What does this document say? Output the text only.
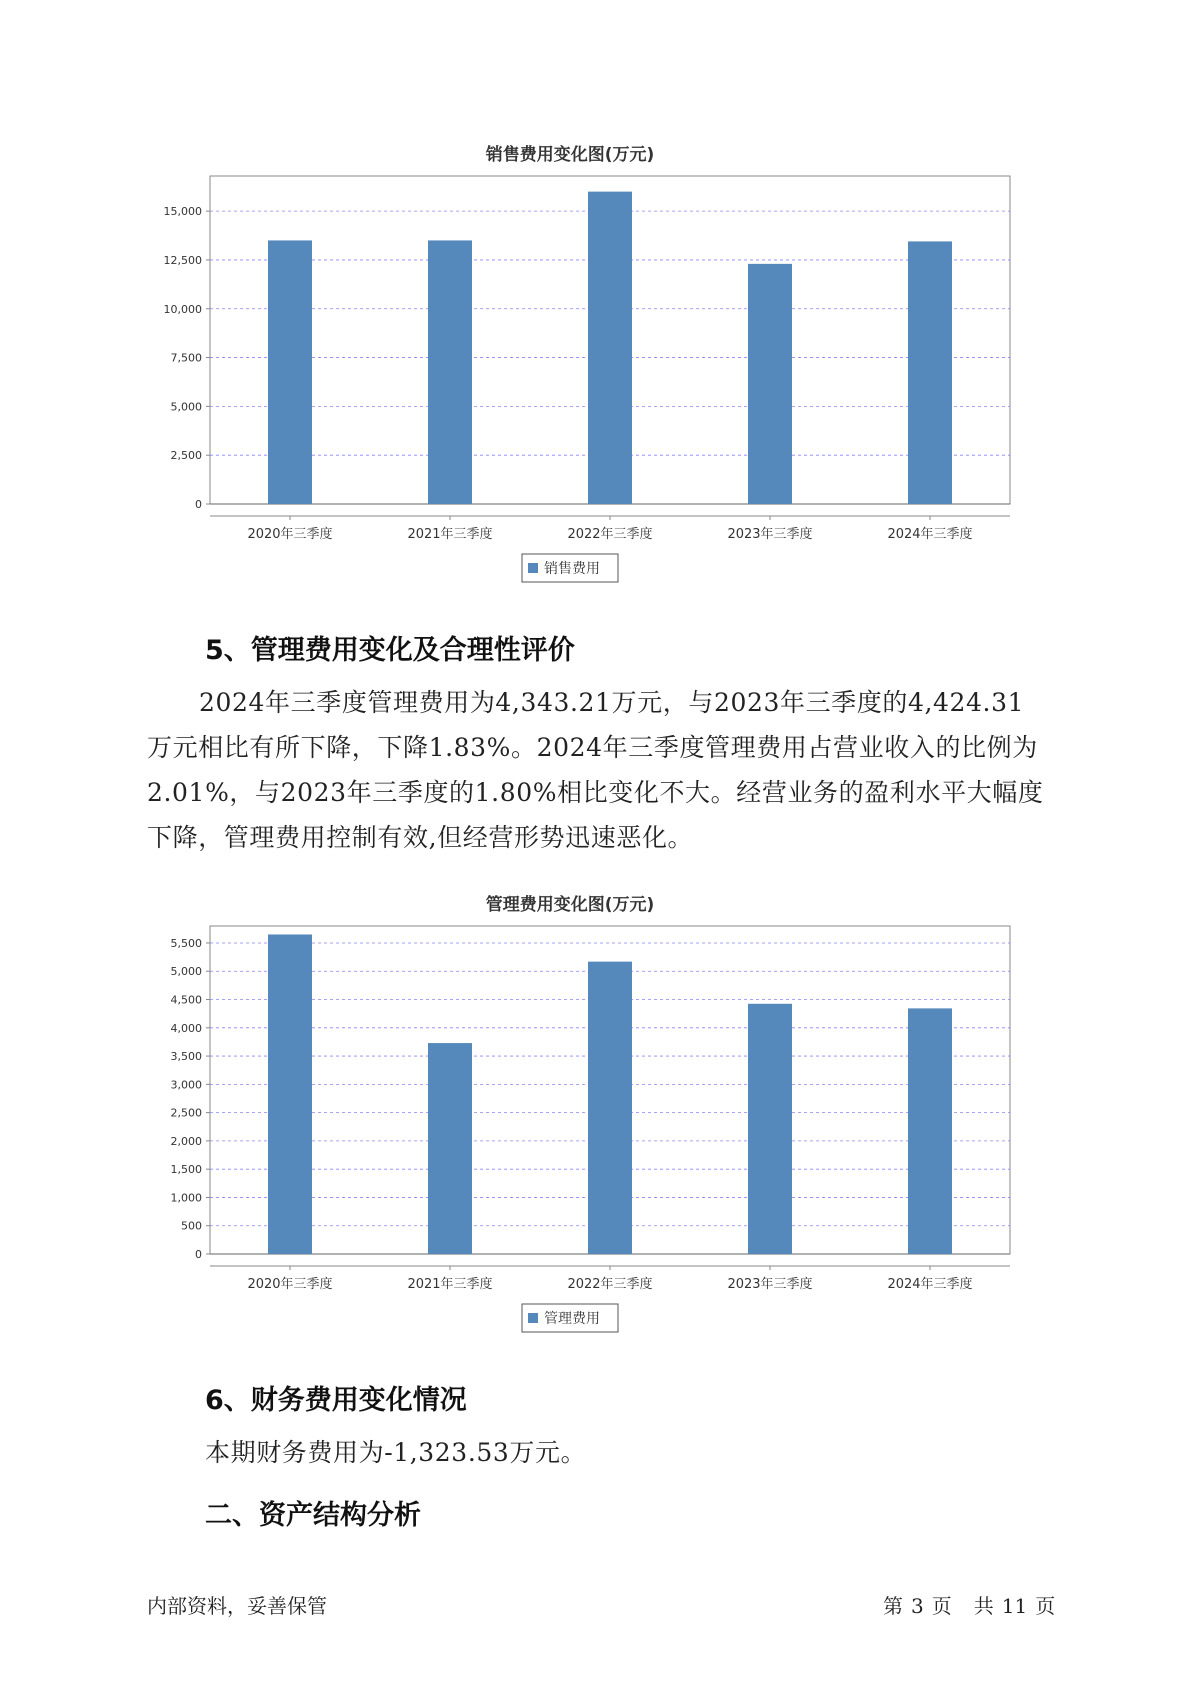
销售费用变化图(万元)
0
2,500
5,000
7,500
10,000
12,500
15,000
2020年三季度	2021年三季度	2022年三季度	2023年三季度	2024年三季度
销售费用
5、管理费用变化及合理性评价

2024年三季度管理费用为4,343.21万元，与2023年三季度的4,424.31万元相比有所下降，下降1.83%。2024年三季度管理费用占营业收入的比例为2.01%，与2023年三季度的1.80%相比变化不大。经营业务的盈利水平大幅度下降，管理费用控制有效,但经营形势迅速恶化。

管理费用变化图(万元)
0
500
1,000
1,500
2,000
2,500
3,000
3,500
4,000
4,500
5,000
5,500
2020年三季度	2021年三季度	2022年三季度	2023年三季度	2024年三季度
管理费用
6、财务费用变化情况

本期财务费用为-1,323.53万元。

二、资产结构分析
内部资料，妥善保管	第 3 页 共 11 页
